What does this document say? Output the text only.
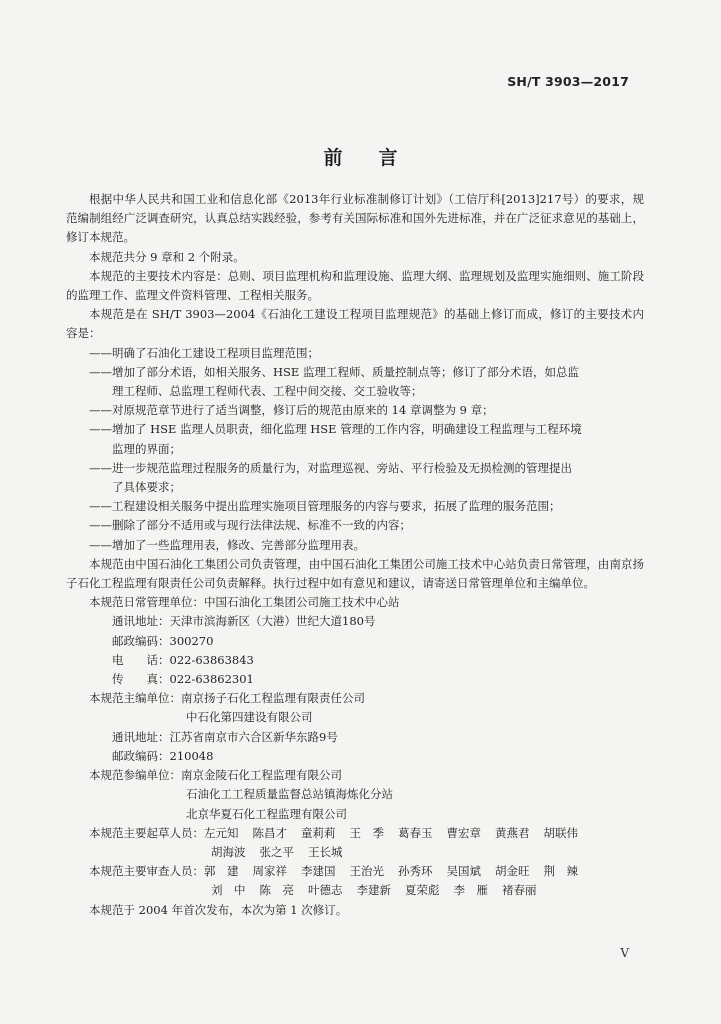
SH/T 3903—2017
前言

根据中华人民共和国工业和信息化部《2013年行业标准制修订计划》（工信厅科[2013]217号）的要求，规范编制组经广泛调查研究，认真总结实践经验，参考有关国际标准和国外先进标准，并在广泛征求意见的基础上，修订本规范。

本规范共分 9 章和 2 个附录。

本规范的主要技术内容是：总则、项目监理机构和监理设施、监理大纲、监理规划及监理实施细则、施工阶段的监理工作、监理文件资料管理、工程相关服务。

本规范是在 SH/T 3903—2004《石油化工建设工程项目监理规范》的基础上修订而成，修订的主要技术内容是：

——明确了石油化工建设工程项目监理范围；

——增加了部分术语，如相关服务、HSE 监理工程师、质量控制点等；修订了部分术语，如总监
理工程师、总监理工程师代表、工程中间交接、交工验收等；

——对原规范章节进行了适当调整，修订后的规范由原来的 14 章调整为 9 章；

——增加了 HSE 监理人员职责，细化监理 HSE 管理的工作内容，明确建设工程监理与工程环境
监理的界面；

——进一步规范监理过程服务的质量行为，对监理巡视、旁站、平行检验及无损检测的管理提出
了具体要求；

——工程建设相关服务中提出监理实施项目管理服务的内容与要求，拓展了监理的服务范围；

——删除了部分不适用或与现行法律法规、标准不一致的内容；

——增加了一些监理用表，修改、完善部分监理用表。

本规范由中国石油化工集团公司负责管理，由中国石油化工集团公司施工技术中心站负责日常管理，由南京扬子石化工程监理有限责任公司负责解释。执行过程中如有意见和建议，请寄送日常管理单位和主编单位。

本规范日常管理单位：中国石油化工集团公司施工技术中心站

通讯地址：天津市滨海新区（大港）世纪大道180号

邮政编码：300270

电　　话：022-63863843

传　　真：022-63862301

本规范主编单位：南京扬子石化工程监理有限责任公司

中石化第四建设有限公司

通讯地址：江苏省南京市六合区新华东路9号

邮政编码：210048

本规范参编单位：南京金陵石化工程监理有限公司

石油化工工程质量监督总站镇海炼化分站

北京华夏石化工程监理有限公司

本规范主要起草人员：左元知 陈昌才 童莉莉 王　季 葛春玉 曹宏章 黄燕君 胡联伟

胡海波 张之平 王长城

本规范主要审查人员：郭　建 周家祥 李建国 王治光 孙秀环 吴国斌 胡金旺 荆　辣

刘　中 陈　亮 叶德志 李建新 夏荣彪 李　雁 褚春丽

本规范于 2004 年首次发布，本次为第 1 次修订。

V
